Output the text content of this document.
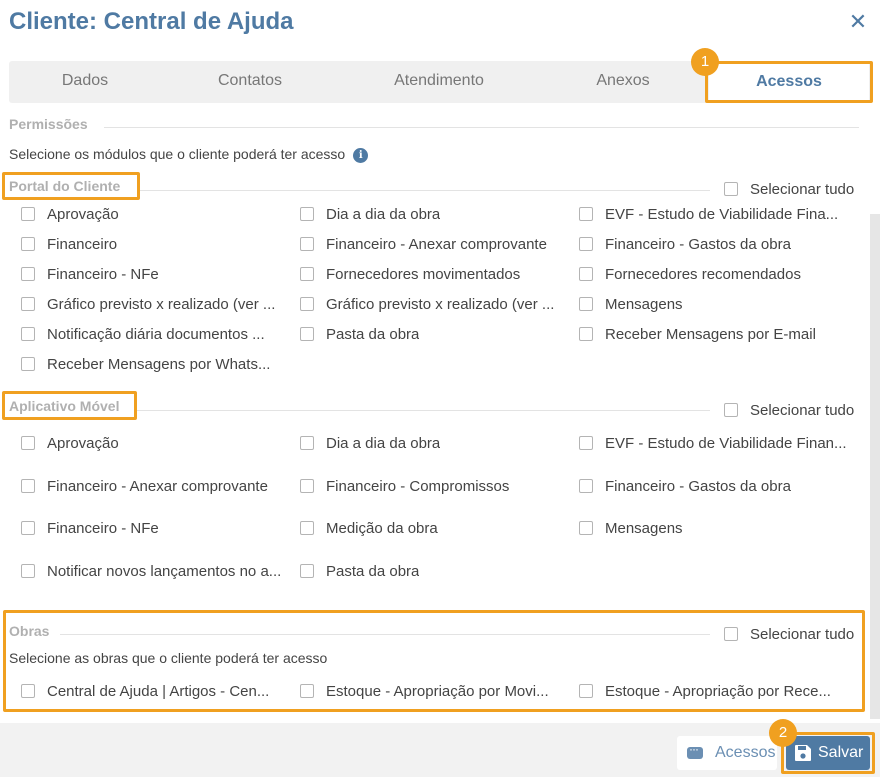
Cliente: Central de Ajuda	✕
Dados	Contatos	Atendimento	Anexos	Acessos
1
Permissões
Selecione os módulos que o cliente poderá ter acesso i
Portal do Cliente	Selecionar tudo
Aprovação	Dia a dia da obra	EVF - Estudo de Viabilidade Fina...
Financeiro	Financeiro - Anexar comprovante	Financeiro - Gastos da obra
Financeiro - NFe	Fornecedores movimentados	Fornecedores recomendados
Gráfico previsto x realizado (ver ...	Gráfico previsto x realizado (ver ...	Mensagens
Notificação diária documentos ...	Pasta da obra	Receber Mensagens por E-mail
Receber Mensagens por Whats...
Aplicativo Móvel	Selecionar tudo
Aprovação	Dia a dia da obra	EVF - Estudo de Viabilidade Finan...
Financeiro - Anexar comprovante	Financeiro - Compromissos	Financeiro - Gastos da obra
Financeiro - NFe	Medição da obra	Mensagens
Notificar novos lançamentos no a...	Pasta da obra
Obras	Selecionar tudo
Selecione as obras que o cliente poderá ter acesso
Central de Ajuda | Artigos - Cen...	Estoque - Apropriação por Movi...	Estoque - Apropriação por Rece...
···
Acessos	Salvar
2
